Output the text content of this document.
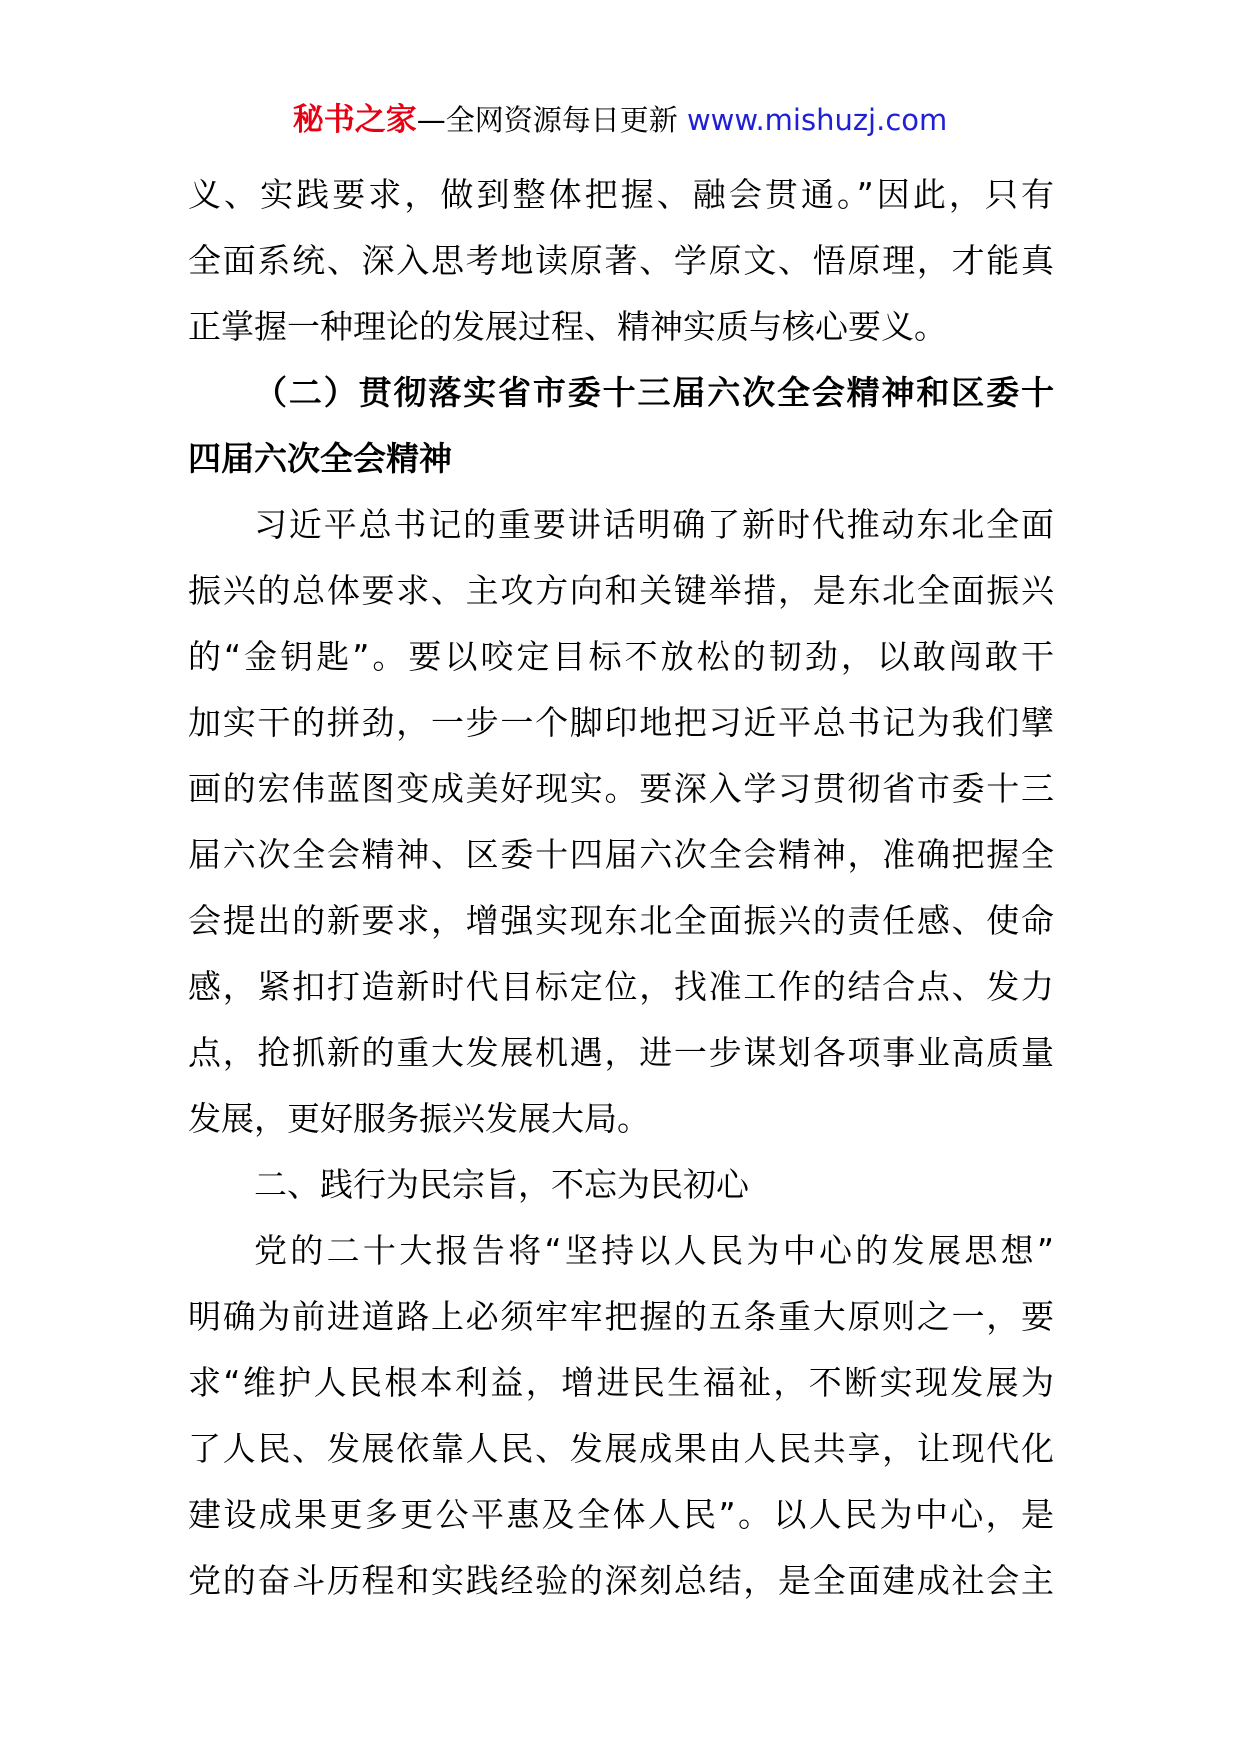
秘书之家—全网资源每日更新 www.mishuzj.com
义、实践要求，做到整体把握、融会贯通。”因此，只有
全面系统、深入思考地读原著、学原文、悟原理，才能真
正掌握一种理论的发展过程、精神实质与核心要义。
（二）贯彻落实省市委十三届六次全会精神和区委十
四届六次全会精神
习近平总书记的重要讲话明确了新时代推动东北全面
振兴的总体要求、主攻方向和关键举措，是东北全面振兴
的“金钥匙”。要以咬定目标不放松的韧劲，以敢闯敢干
加实干的拼劲，一步一个脚印地把习近平总书记为我们擘
画的宏伟蓝图变成美好现实。要深入学习贯彻省市委十三
届六次全会精神、区委十四届六次全会精神，准确把握全
会提出的新要求，增强实现东北全面振兴的责任感、使命
感，紧扣打造新时代目标定位，找准工作的结合点、发力
点，抢抓新的重大发展机遇，进一步谋划各项事业高质量
发展，更好服务振兴发展大局。
二、践行为民宗旨，不忘为民初心
党的二十大报告将“坚持以人民为中心的发展思想”
明确为前进道路上必须牢牢把握的五条重大原则之一，要
求“维护人民根本利益，增进民生福祉，不断实现发展为
了人民、发展依靠人民、发展成果由人民共享，让现代化
建设成果更多更公平惠及全体人民”。以人民为中心，是
党的奋斗历程和实践经验的深刻总结，是全面建成社会主
